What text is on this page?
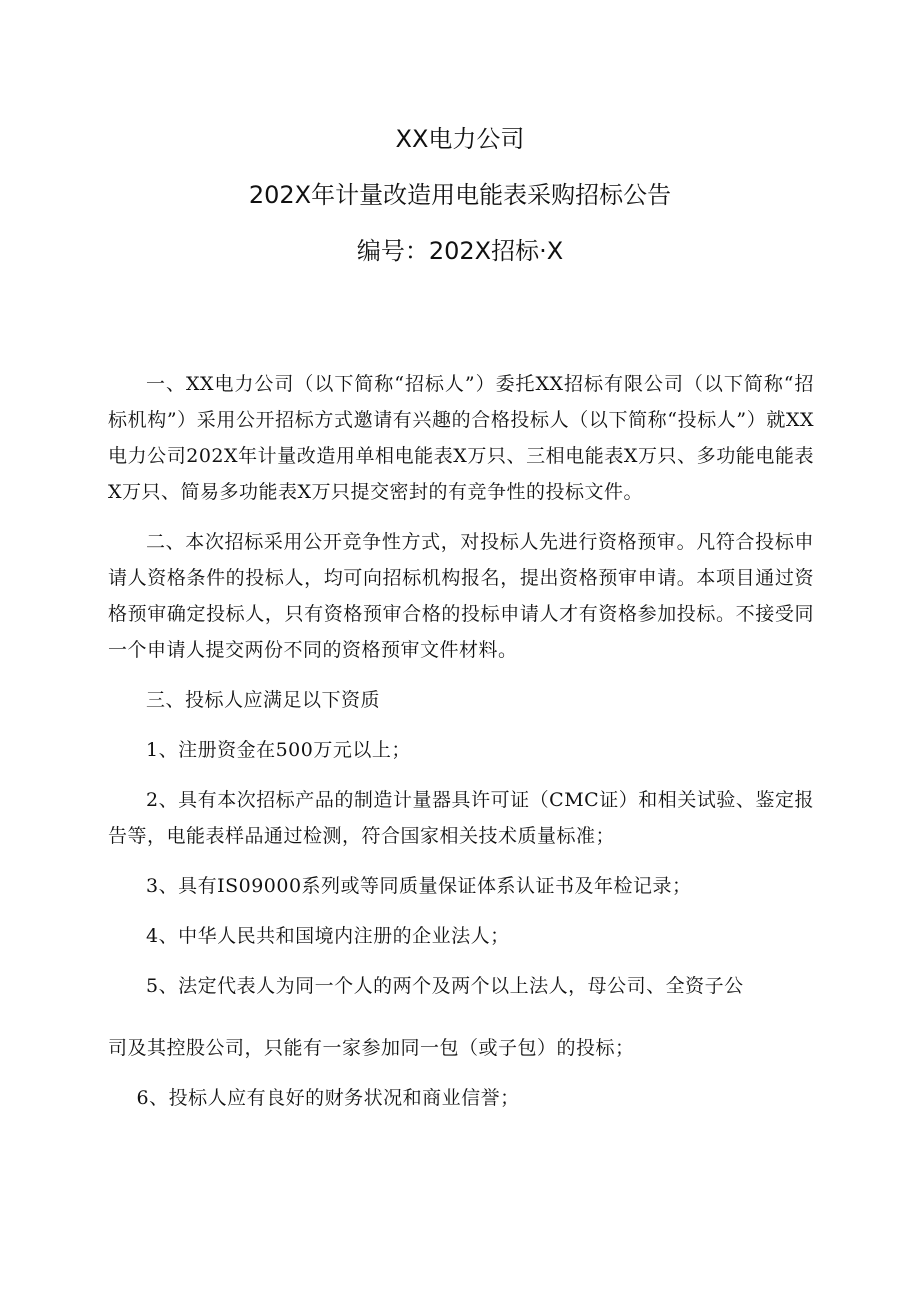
XX电力公司
202X年计量改造用电能表采购招标公告
编号：202X招标·X

一、XX电力公司（以下简称“招标人”）委托XX招标有限公司（以下简称“招标机构”）采用公开招标方式邀请有兴趣的合格投标人（以下简称“投标人”）就XX电力公司202X年计量改造用单相电能表X万只、三相电能表X万只、多功能电能表X万只、简易多功能表X万只提交密封的有竞争性的投标文件。

二、本次招标采用公开竞争性方式，对投标人先进行资格预审。凡符合投标申请人资格条件的投标人，均可向招标机构报名，提出资格预审申请。本项目通过资格预审确定投标人，只有资格预审合格的投标申请人才有资格参加投标。不接受同一个申请人提交两份不同的资格预审文件材料。

三、投标人应满足以下资质

1、注册资金在500万元以上；

2、具有本次招标产品的制造计量器具许可证（CMC证）和相关试验、鉴定报告等，电能表样品通过检测，符合国家相关技术质量标准；

3、具有IS09000系列或等同质量保证体系认证书及年检记录；

4、中华人民共和国境内注册的企业法人；

5、法定代表人为同一个人的两个及两个以上法人，母公司、全资子公

司及其控股公司，只能有一家参加同一包（或子包）的投标；

6、投标人应有良好的财务状况和商业信誉；
